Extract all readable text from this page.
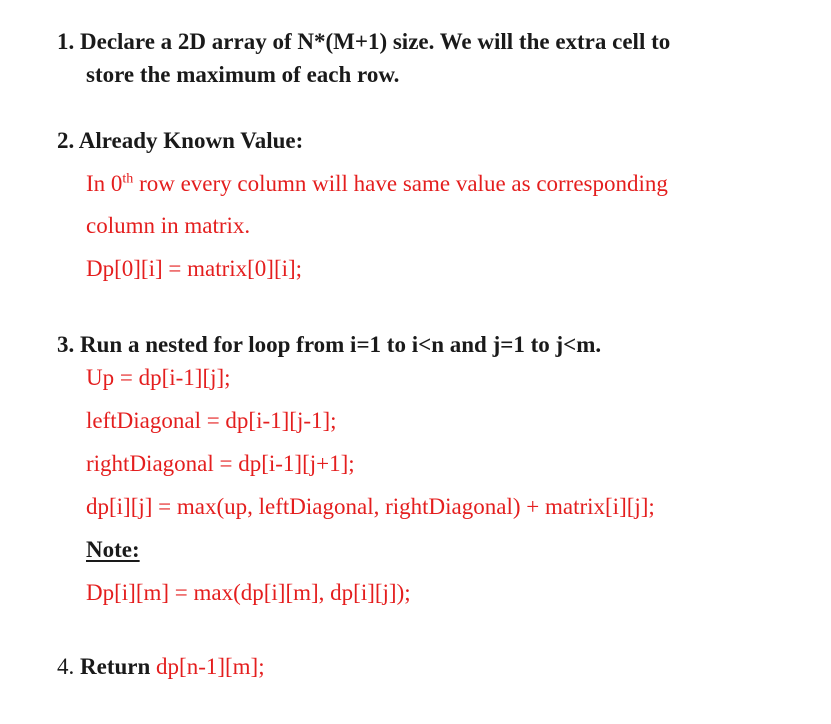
1. Declare a 2D array of N*(M+1) size. We will the extra cell to
store the maximum of each row.
2. Already Known Value:
In 0th row every column will have same value as corresponding
column in matrix.
Dp[0][i] = matrix[0][i];
3. Run a nested for loop from i=1 to i<n and j=1 to j<m.
Up = dp[i-1][j];
leftDiagonal = dp[i-1][j-1];
rightDiagonal = dp[i-1][j+1];
dp[i][j] = max(up, leftDiagonal, rightDiagonal) + matrix[i][j];
Note:
Dp[i][m] = max(dp[i][m], dp[i][j]);
4. Return dp[n-1][m];
